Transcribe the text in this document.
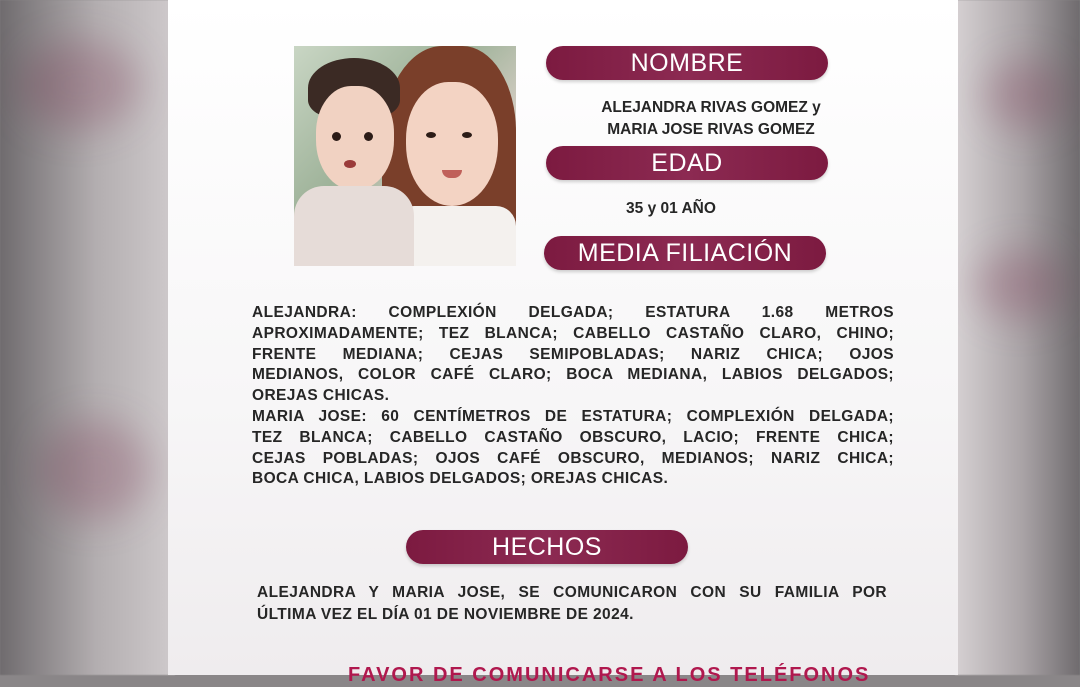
NOMBRE
ALEJANDRA RIVAS GOMEZ y
MARIA JOSE RIVAS GOMEZ
EDAD
35 y 01 AÑO
MEDIA FILIACIÓN

ALEJANDRA: COMPLEXIÓN DELGADA; ESTATURA 1.68 METROS

APROXIMADAMENTE; TEZ BLANCA; CABELLO CASTAÑO CLARO, CHINO;

FRENTE MEDIANA; CEJAS SEMIPOBLADAS; NARIZ CHICA; OJOS

MEDIANOS, COLOR CAFÉ CLARO; BOCA MEDIANA, LABIOS DELGADOS;

OREJAS CHICAS.

MARIA JOSE: 60 CENTÍMETROS DE ESTATURA; COMPLEXIÓN DELGADA;

TEZ BLANCA; CABELLO CASTAÑO OBSCURO, LACIO; FRENTE CHICA;

CEJAS POBLADAS; OJOS CAFÉ OBSCURO, MEDIANOS; NARIZ CHICA;

BOCA CHICA, LABIOS DELGADOS; OREJAS CHICAS.

HECHOS
ALEJANDRA Y MARIA JOSE, SE COMUNICARON CON SU FAMILIA POR
ÚLTIMA VEZ EL DÍA 01 DE NOVIEMBRE DE 2024.
FAVOR DE COMUNICARSE A LOS TELÉFONOS
